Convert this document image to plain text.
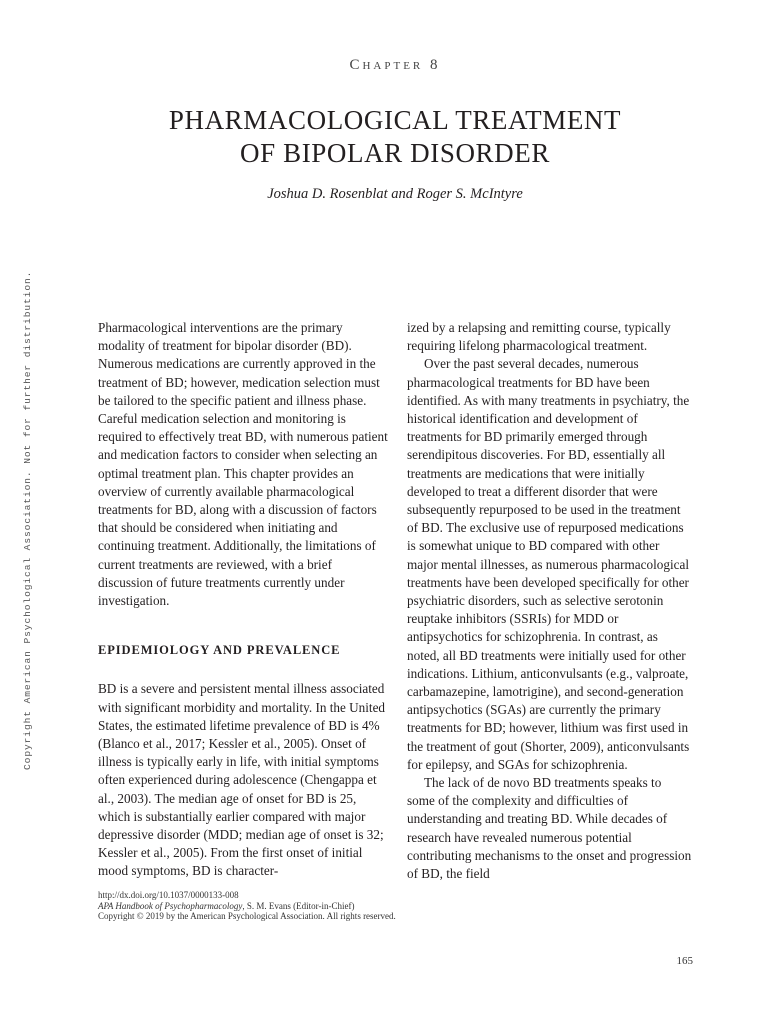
Chapter 8
PHARMACOLOGICAL TREATMENT
OF BIPOLAR DISORDER
Joshua D. Rosenblat and Roger S. McIntyre
Copyright American Psychological Association. Not for further distribution.	Pharmacological interventions are the primary modality of treatment for bipolar disorder (BD). Numerous medications are currently approved in the treatment of BD; however, medication selection must be tailored to the specific patient and illness phase. Careful medication selection and monitoring is required to effectively treat BD, with numerous patient and medication factors to consider when selecting an optimal treatment plan. This chapter provides an overview of currently available pharmacological treatments for BD, along with a discussion of factors that should be considered when initiating and continuing treatment. Additionally, the limitations of current treatments are reviewed, with a brief discussion of future treatments currently under investigation.

EPIDEMIOLOGY AND PREVALENCE

BD is a severe and persistent mental illness associated with significant morbidity and mortality. In the United States, the estimated lifetime prevalence of BD is 4% (Blanco et al., 2017; Kessler et al., 2005). Onset of illness is typically early in life, with initial symptoms often experienced during adolescence (Chengappa et al., 2003). The median age of onset for BD is 25, which is substantially earlier compared with major depressive disorder (MDD; median age of onset is 32; Kessler et al., 2005). From the first onset of initial mood symptoms, BD is character-

ized by a relapsing and remitting course, typically requiring lifelong pharmacological treatment.

Over the past several decades, numerous pharmacological treatments for BD have been identified. As with many treatments in psychiatry, the historical identification and development of treatments for BD primarily emerged through serendipitous discoveries. For BD, essentially all treatments are medications that were initially developed to treat a different disorder that were subsequently repurposed to be used in the treatment of BD. The exclusive use of repurposed medications is somewhat unique to BD compared with other major mental illnesses, as numerous pharmacological treatments have been developed specifically for other psychiatric disorders, such as selective serotonin reuptake inhibitors (SSRIs) for MDD or antipsychotics for schizophrenia. In contrast, as noted, all BD treatments were initially used for other indications. Lithium, anticonvulsants (e.g., valproate, carbamazepine, lamotrigine), and second-generation antipsychotics (SGAs) are currently the primary treatments for BD; however, lithium was first used in the treatment of gout (Shorter, 2009), anticonvulsants for epilepsy, and SGAs for schizophrenia.

The lack of de novo BD treatments speaks to some of the complexity and difficulties of understanding and treating BD. While decades of research have revealed numerous potential contributing mechanisms to the onset and progression of BD, the field

http://dx.doi.org/10.1037/0000133-008
APA Handbook of Psychopharmacology, S. M. Evans (Editor-in-Chief)
Copyright © 2019 by the American Psychological Association. All rights reserved.
165
